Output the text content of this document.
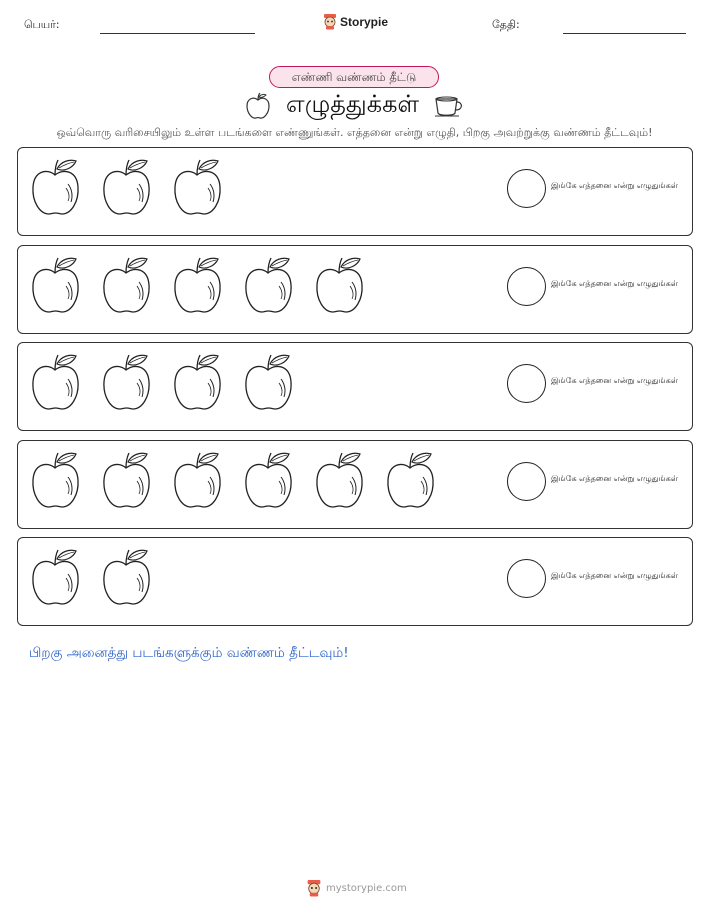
பெயர்:	Storypie	தேதி:
எண்ணி வண்ணம் தீட்டு
எழுத்துக்கள்
ஒவ்வொரு வரிசையிலும் உள்ள படங்களை எண்ணுங்கள். எத்தனை என்று எழுதி, பிறகு அவற்றுக்கு வண்ணம் தீட்டவும்!
இங்கே எத்தனை என்று எழுதுங்கள்
இங்கே எத்தனை என்று எழுதுங்கள்
இங்கே எத்தனை என்று எழுதுங்கள்
இங்கே எத்தனை என்று எழுதுங்கள்
இங்கே எத்தனை என்று எழுதுங்கள்
பிறகு அனைத்து படங்களுக்கும் வண்ணம் தீட்டவும்!
mystorypie.com
